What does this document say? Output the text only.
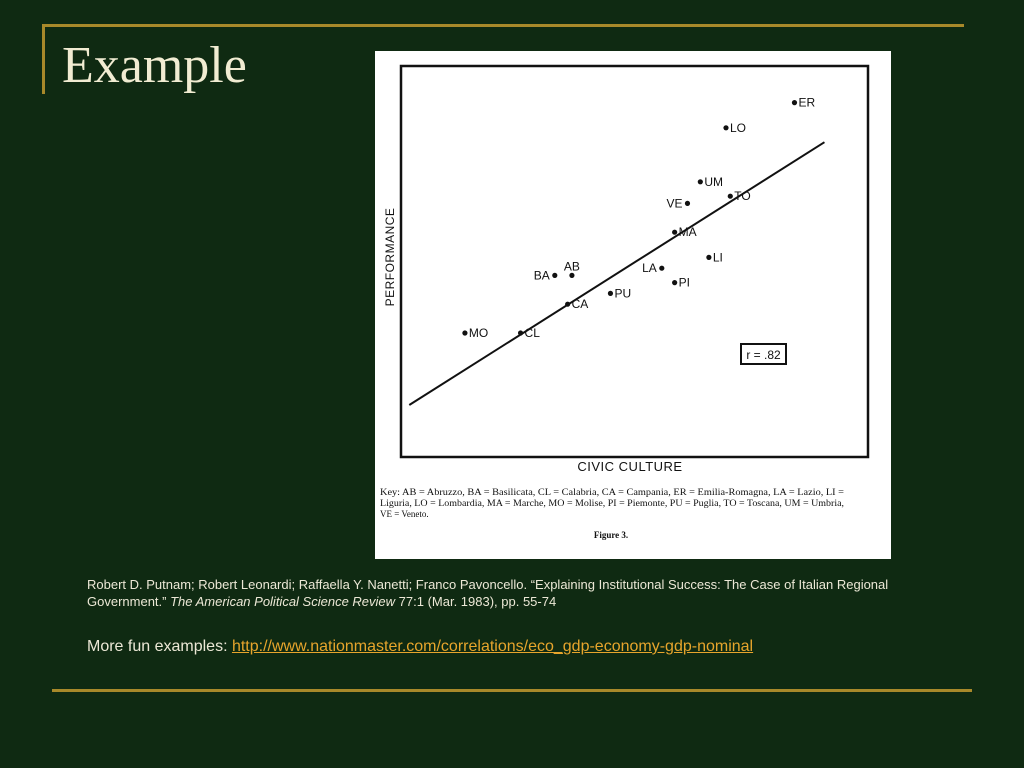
Example
ER
LO
UM
TO
VE
MA
LI
LA
PI
BA
AB
CA
PU
MO	CL
r = .82
CIVIC CULTURE
PERFORMANCE
Key: AB = Abruzzo, BA = Basilicata, CL = Calabria, CA = Campania, ER = Emilia-Romagna, LA = Lazio, LI =
Liguria, LO = Lombardia, MA = Marche, MO = Molise, PI = Piemonte, PU = Puglia, TO = Toscana, UM = Umbria,
VE = Veneto.
Figure 3.
Robert D. Putnam; Robert Leonardi; Raffaella Y. Nanetti; Franco Pavoncello. “Explaining Institutional Success: The Case of Italian Regional Government.” The American Political Science Review 77:1 (Mar. 1983), pp. 55-74
More fun examples: http://www.nationmaster.com/correlations/eco_gdp-economy-gdp-nominal
